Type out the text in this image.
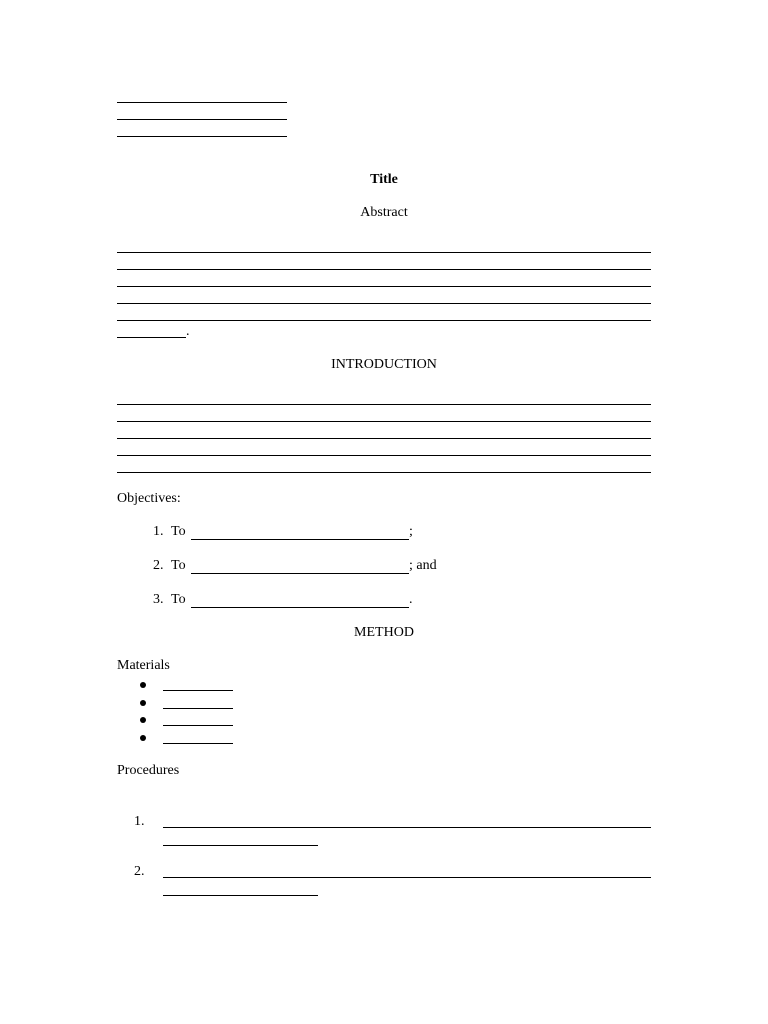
Title
Abstract
.
INTRODUCTION
Objectives:
1. To	;
2. To	; and
3. To	.
METHOD
Materials
Procedures
1.
2.
